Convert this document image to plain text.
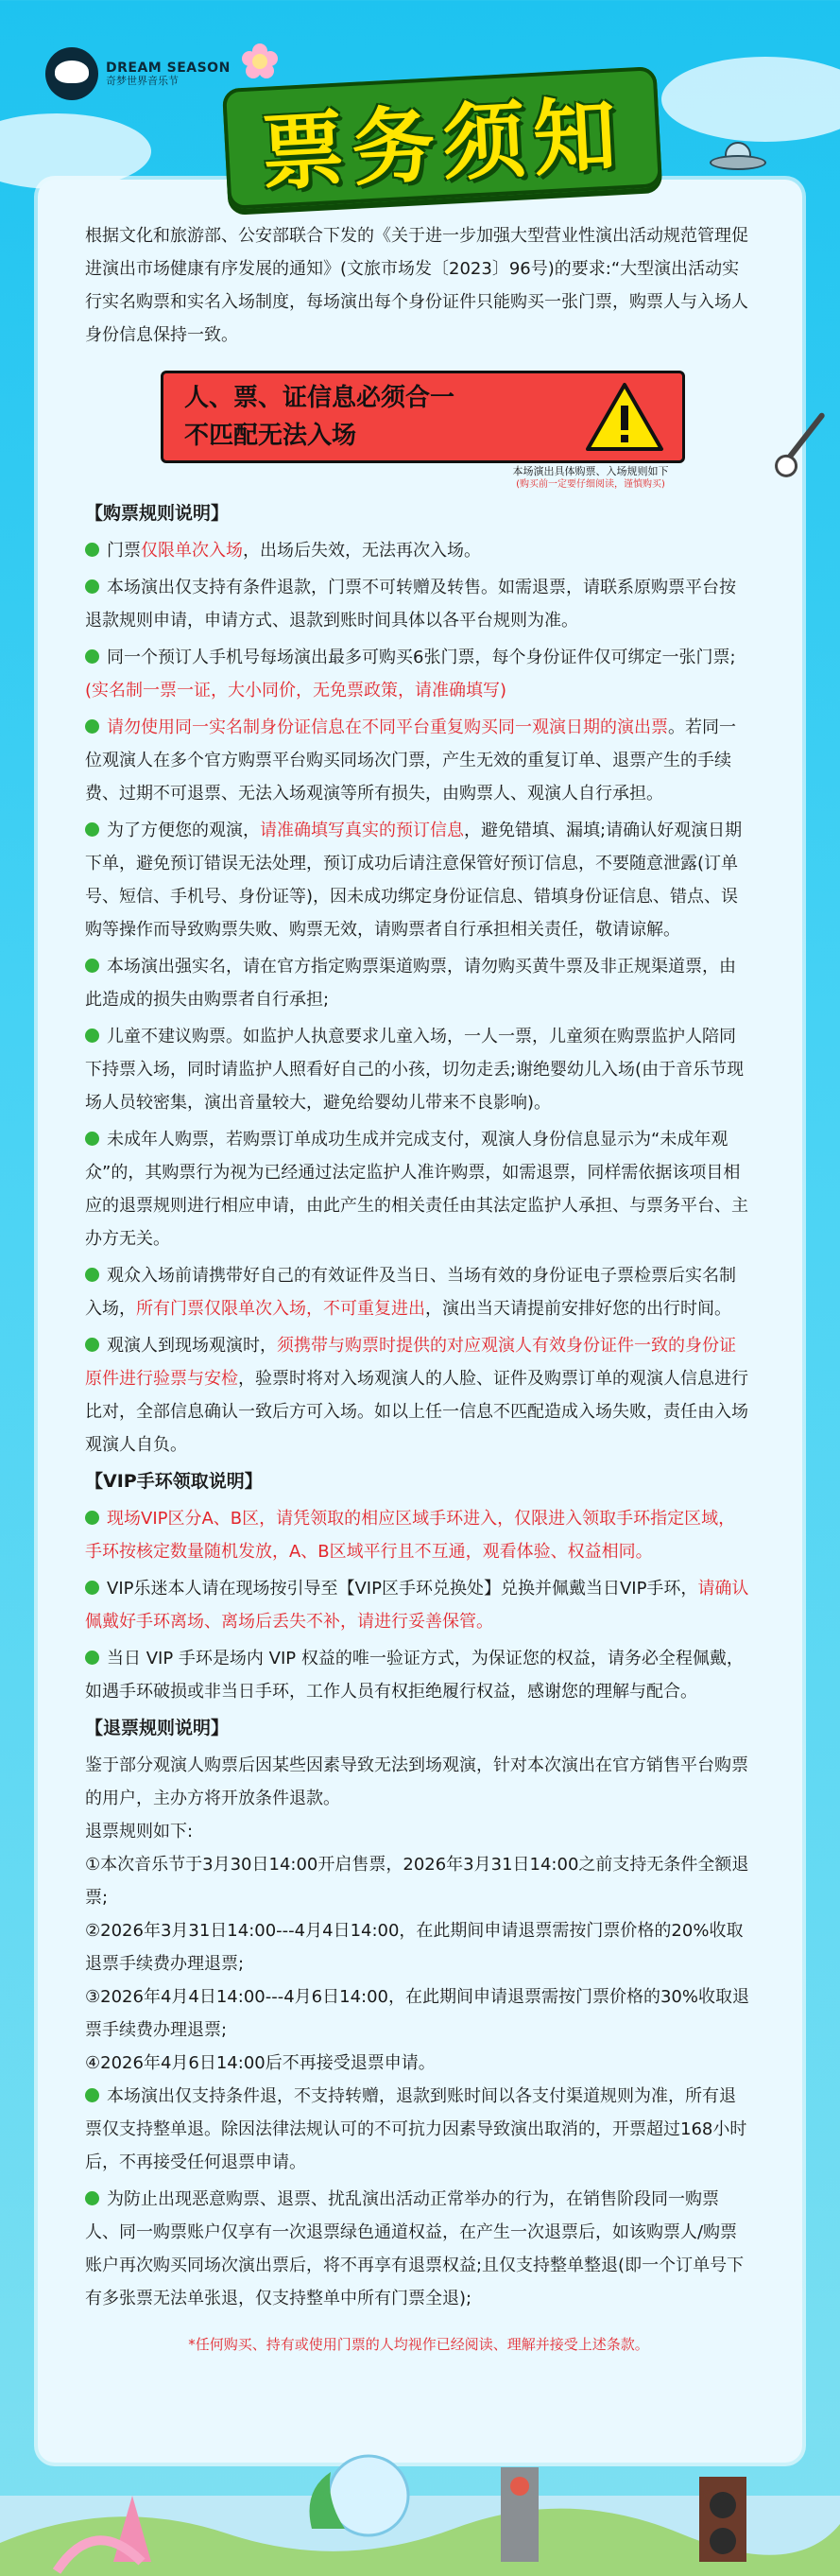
DREAM SEASON
奇梦世界音乐节
票务须知

根据文化和旅游部、公安部联合下发的《关于进一步加强大型营业性演出活动规范管理促进演出市场健康有序发展的通知》(文旅市场发〔2023〕96号)的要求:“大型演出活动实行实名购票和实名入场制度，每场演出每个身份证件只能购买一张门票，购票人与入场人身份信息保持一致。

人、票、证信息必须合一
不匹配无法入场
本场演出具体购票、入场规则如下
(购买前一定要仔细阅读，谨慎购买)

【购票规则说明】

门票仅限单次入场，出场后失效，无法再次入场。

本场演出仅支持有条件退款，门票不可转赠及转售。如需退票，请联系原购票平台按退款规则申请，申请方式、退款到账时间具体以各平台规则为准。

同一个预订人手机号每场演出最多可购买6张门票，每个身份证件仅可绑定一张门票;(实名制一票一证，大小同价，无免票政策，请准确填写)

请勿使用同一实名制身份证信息在不同平台重复购买同一观演日期的演出票。若同一位观演人在多个官方购票平台购买同场次门票，产生无效的重复订单、退票产生的手续费、过期不可退票、无法入场观演等所有损失，由购票人、观演人自行承担。

为了方便您的观演，请准确填写真实的预订信息，避免错填、漏填;请确认好观演日期下单，避免预订错误无法处理，预订成功后请注意保管好预订信息，不要随意泄露(订单号、短信、手机号、身份证等)，因未成功绑定身份证信息、错填身份证信息、错点、误购等操作而导致购票失败、购票无效，请购票者自行承担相关责任，敬请谅解。

本场演出强实名，请在官方指定购票渠道购票，请勿购买黄牛票及非正规渠道票，由此造成的损失由购票者自行承担;

儿童不建议购票。如监护人执意要求儿童入场，一人一票，儿童须在购票监护人陪同下持票入场，同时请监护人照看好自己的小孩，切勿走丢;谢绝婴幼儿入场(由于音乐节现场人员较密集，演出音量较大，避免给婴幼儿带来不良影响)。

未成年人购票，若购票订单成功生成并完成支付，观演人身份信息显示为“未成年观众”的，其购票行为视为已经通过法定监护人准许购票，如需退票，同样需依据该项目相应的退票规则进行相应申请，由此产生的相关责任由其法定监护人承担、与票务平台、主办方无关。

观众入场前请携带好自己的有效证件及当日、当场有效的身份证电子票检票后实名制入场，所有门票仅限单次入场，不可重复进出，演出当天请提前安排好您的出行时间。

观演人到现场观演时，须携带与购票时提供的对应观演人有效身份证件一致的身份证原件进行验票与安检，验票时将对入场观演人的人脸、证件及购票订单的观演人信息进行比对，全部信息确认一致后方可入场。如以上任一信息不匹配造成入场失败，责任由入场观演人自负。

【VIP手环领取说明】

现场VIP区分A、B区，请凭领取的相应区域手环进入，仅限进入领取手环指定区域，手环按核定数量随机发放，A、B区域平行且不互通，观看体验、权益相同。

VIP乐迷本人请在现场按引导至【VIP区手环兑换处】兑换并佩戴当日VIP手环，请确认佩戴好手环离场、离场后丢失不补，请进行妥善保管。

当日 VIP 手环是场内 VIP 权益的唯一验证方式，为保证您的权益，请务必全程佩戴，如遇手环破损或非当日手环，工作人员有权拒绝履行权益，感谢您的理解与配合。

【退票规则说明】

鉴于部分观演人购票后因某些因素导致无法到场观演，针对本次演出在官方销售平台购票的用户，主办方将开放条件退款。

退票规则如下:

①本次音乐节于3月30日14:00开启售票，2026年3月31日14:00之前支持无条件全额退票;

②2026年3月31日14:00---4月4日14:00，在此期间申请退票需按门票价格的20%收取退票手续费办理退票;

③2026年4月4日14:00---4月6日14:00，在此期间申请退票需按门票价格的30%收取退票手续费办理退票;

④2026年4月6日14:00后不再接受退票申请。

本场演出仅支持条件退，不支持转赠，退款到账时间以各支付渠道规则为准，所有退票仅支持整单退。除因法律法规认可的不可抗力因素导致演出取消的，开票超过168小时后，不再接受任何退票申请。

为防止出现恶意购票、退票、扰乱演出活动正常举办的行为，在销售阶段同一购票人、同一购票账户仅享有一次退票绿色通道权益，在产生一次退票后，如该购票人/购票账户再次购买同场次演出票后，将不再享有退票权益;且仅支持整单整退(即一个订单号下有多张票无法单张退，仅支持整单中所有门票全退);

*任何购买、持有或使用门票的人均视作已经阅读、理解并接受上述条款。
